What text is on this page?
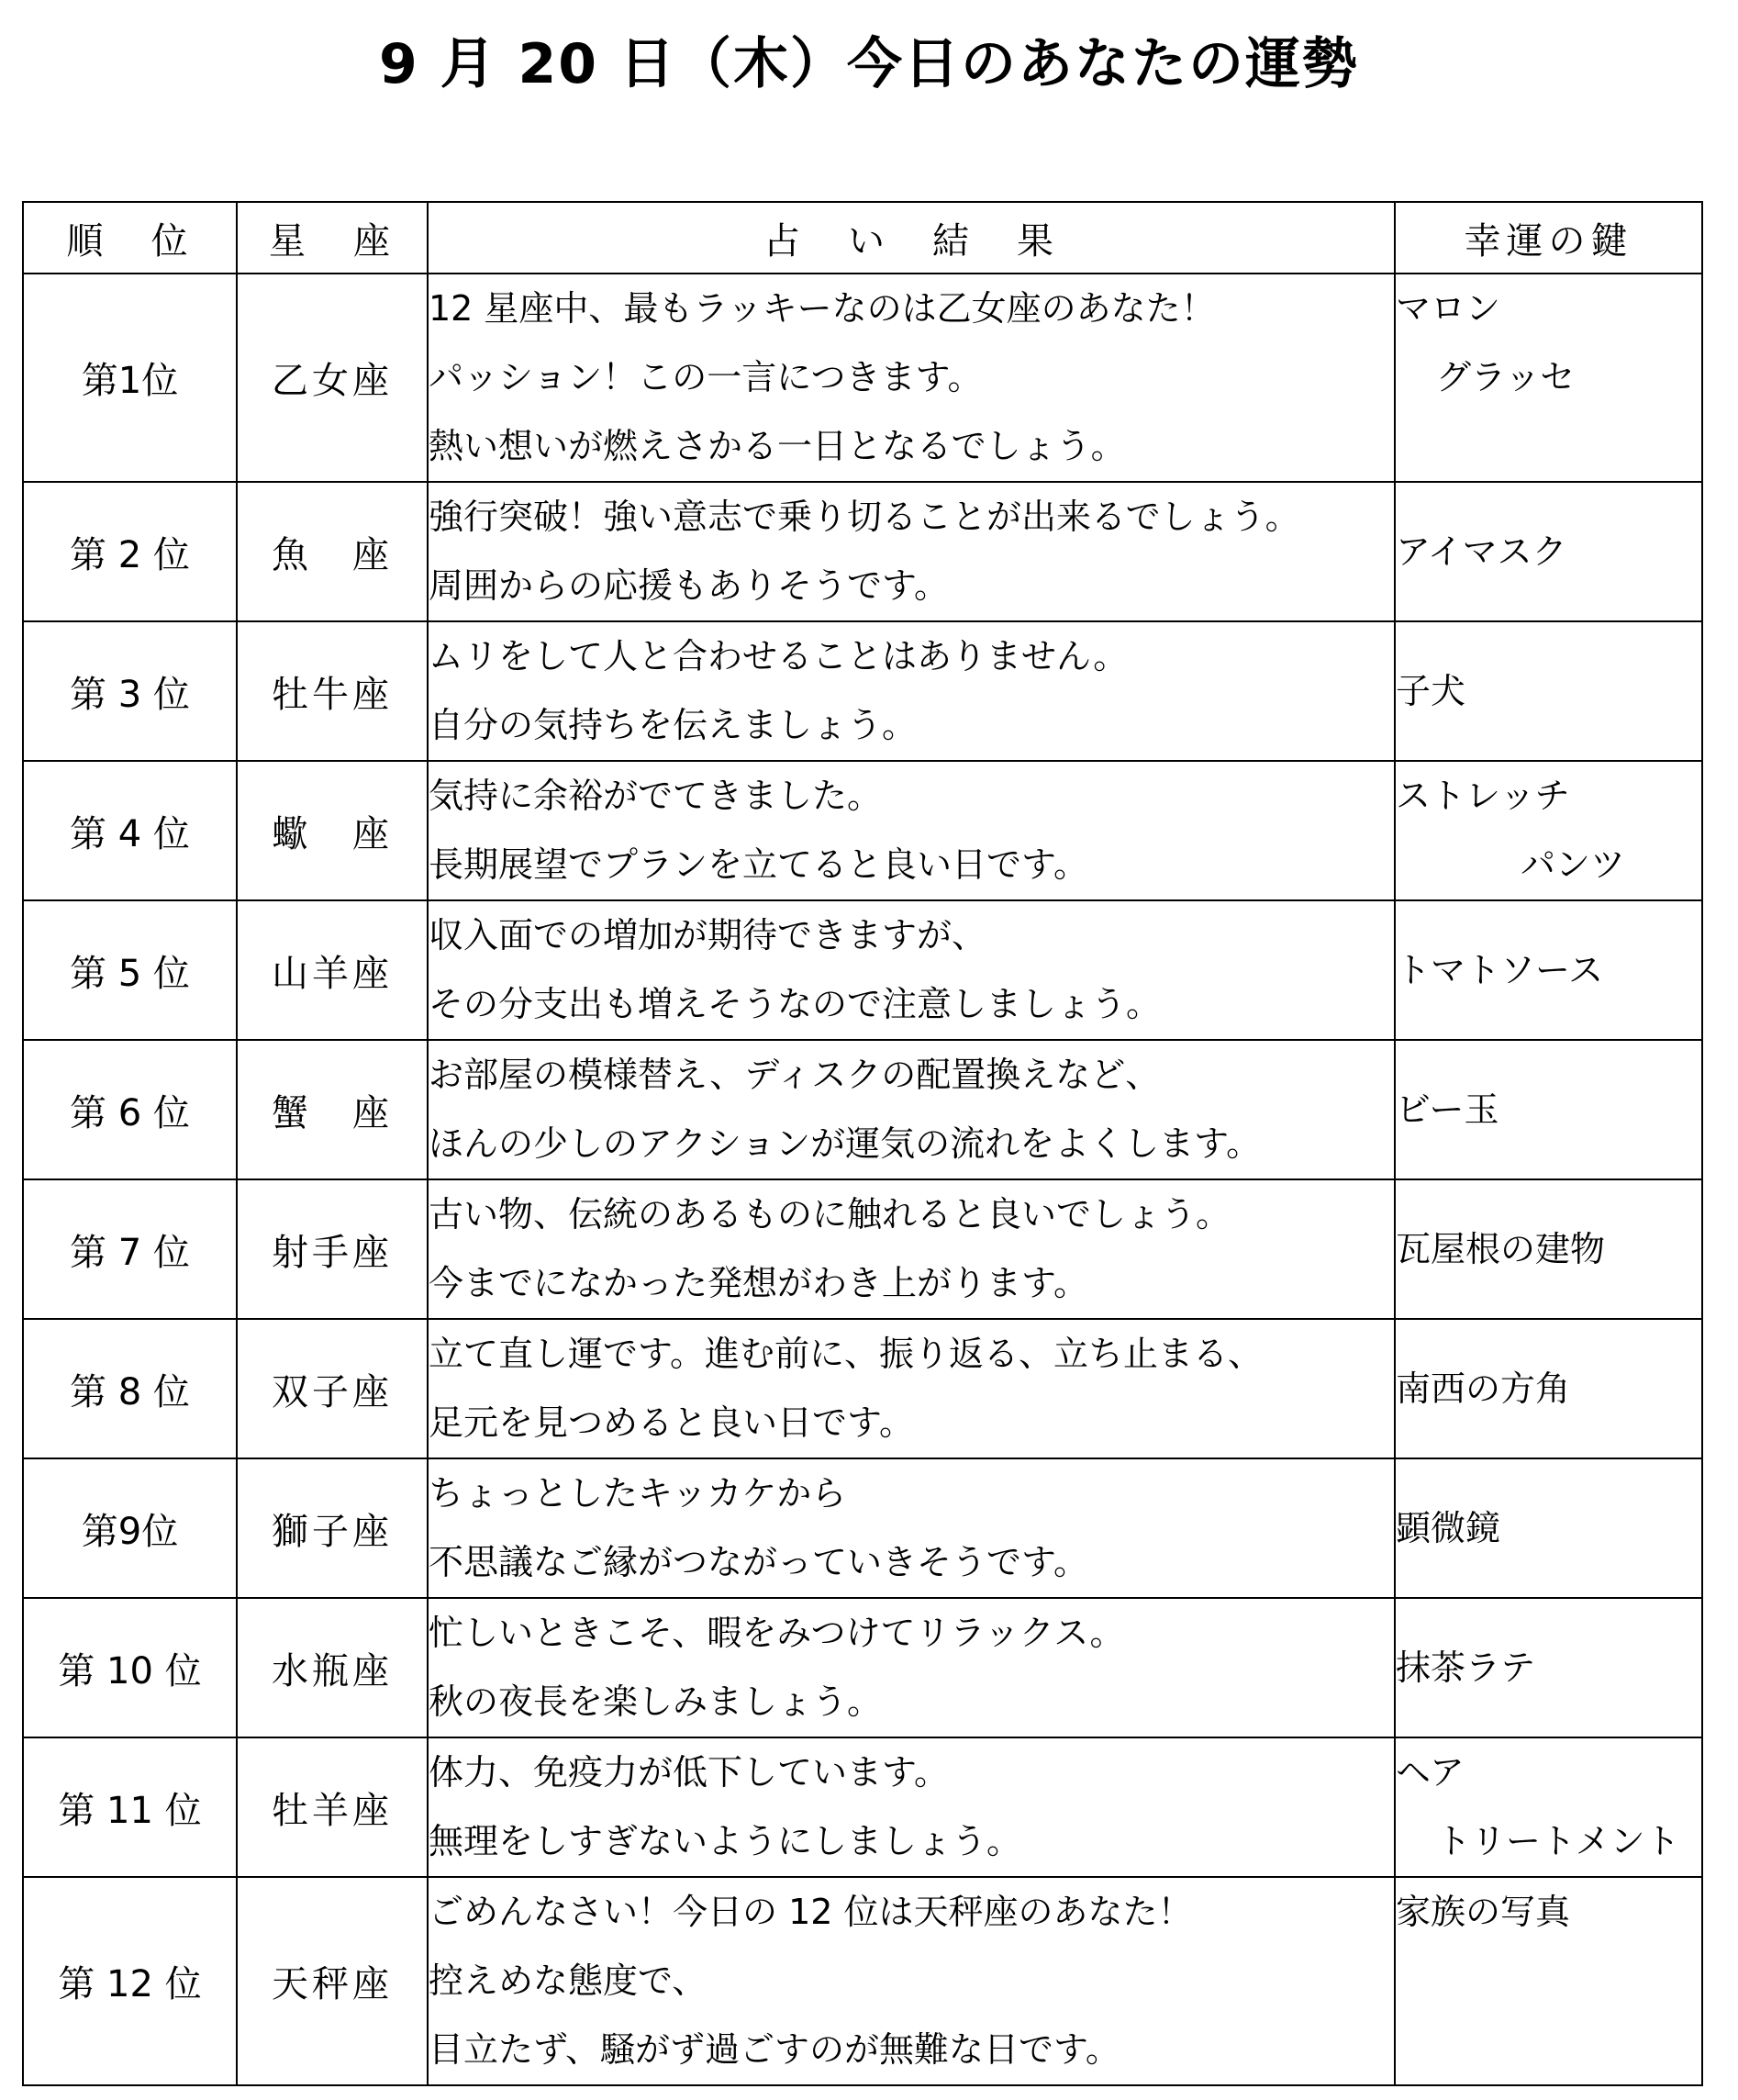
9 月 20 日（木）今日のあなたの運勢
順　位	星　座	占　い　結　果	幸運の鍵
第1位	乙女座	12 星座中、最もラッキーなのは乙女座のあなた！
パッション！この一言につきます。
熱い想いが燃えさかる一日となるでしょう。	マロン
グラッセ

第 2 位	魚　座	強行突破！強い意志で乗り切ることが出来るでしょう。
周囲からの応援もありそうです。	アイマスク

第 3 位	牡牛座	ムリをして人と合わせることはありません。
自分の気持ちを伝えましょう。	子犬

第 4 位	蠍　座	気持に余裕がでてきました。
長期展望でプランを立てると良い日です。	ストレッチ
パンツ

第 5 位	山羊座	収入面での増加が期待できますが、
その分支出も増えそうなので注意しましょう。	トマトソース

第 6 位	蟹　座	お部屋の模様替え、ディスクの配置換えなど、
ほんの少しのアクションが運気の流れをよくします。	ビー玉

第 7 位	射手座	古い物、伝統のあるものに触れると良いでしょう。
今までになかった発想がわき上がります。	瓦屋根の建物

第 8 位	双子座	立て直し運です。進む前に、振り返る、立ち止まる、
足元を見つめると良い日です。	南西の方角

第9位	獅子座	ちょっとしたキッカケから
不思議なご縁がつながっていきそうです。	顕微鏡

第 10 位	水瓶座	忙しいときこそ、暇をみつけてリラックス。
秋の夜長を楽しみましょう。	抹茶ラテ

第 11 位	牡羊座	体力、免疫力が低下しています。
無理をしすぎないようにしましょう。	ヘア
トリートメント

第 12 位	天秤座	ごめんなさい！今日の 12 位は天秤座のあなた！
控えめな態度で、
目立たず、騒がず過ごすのが無難な日です。	家族の写真
